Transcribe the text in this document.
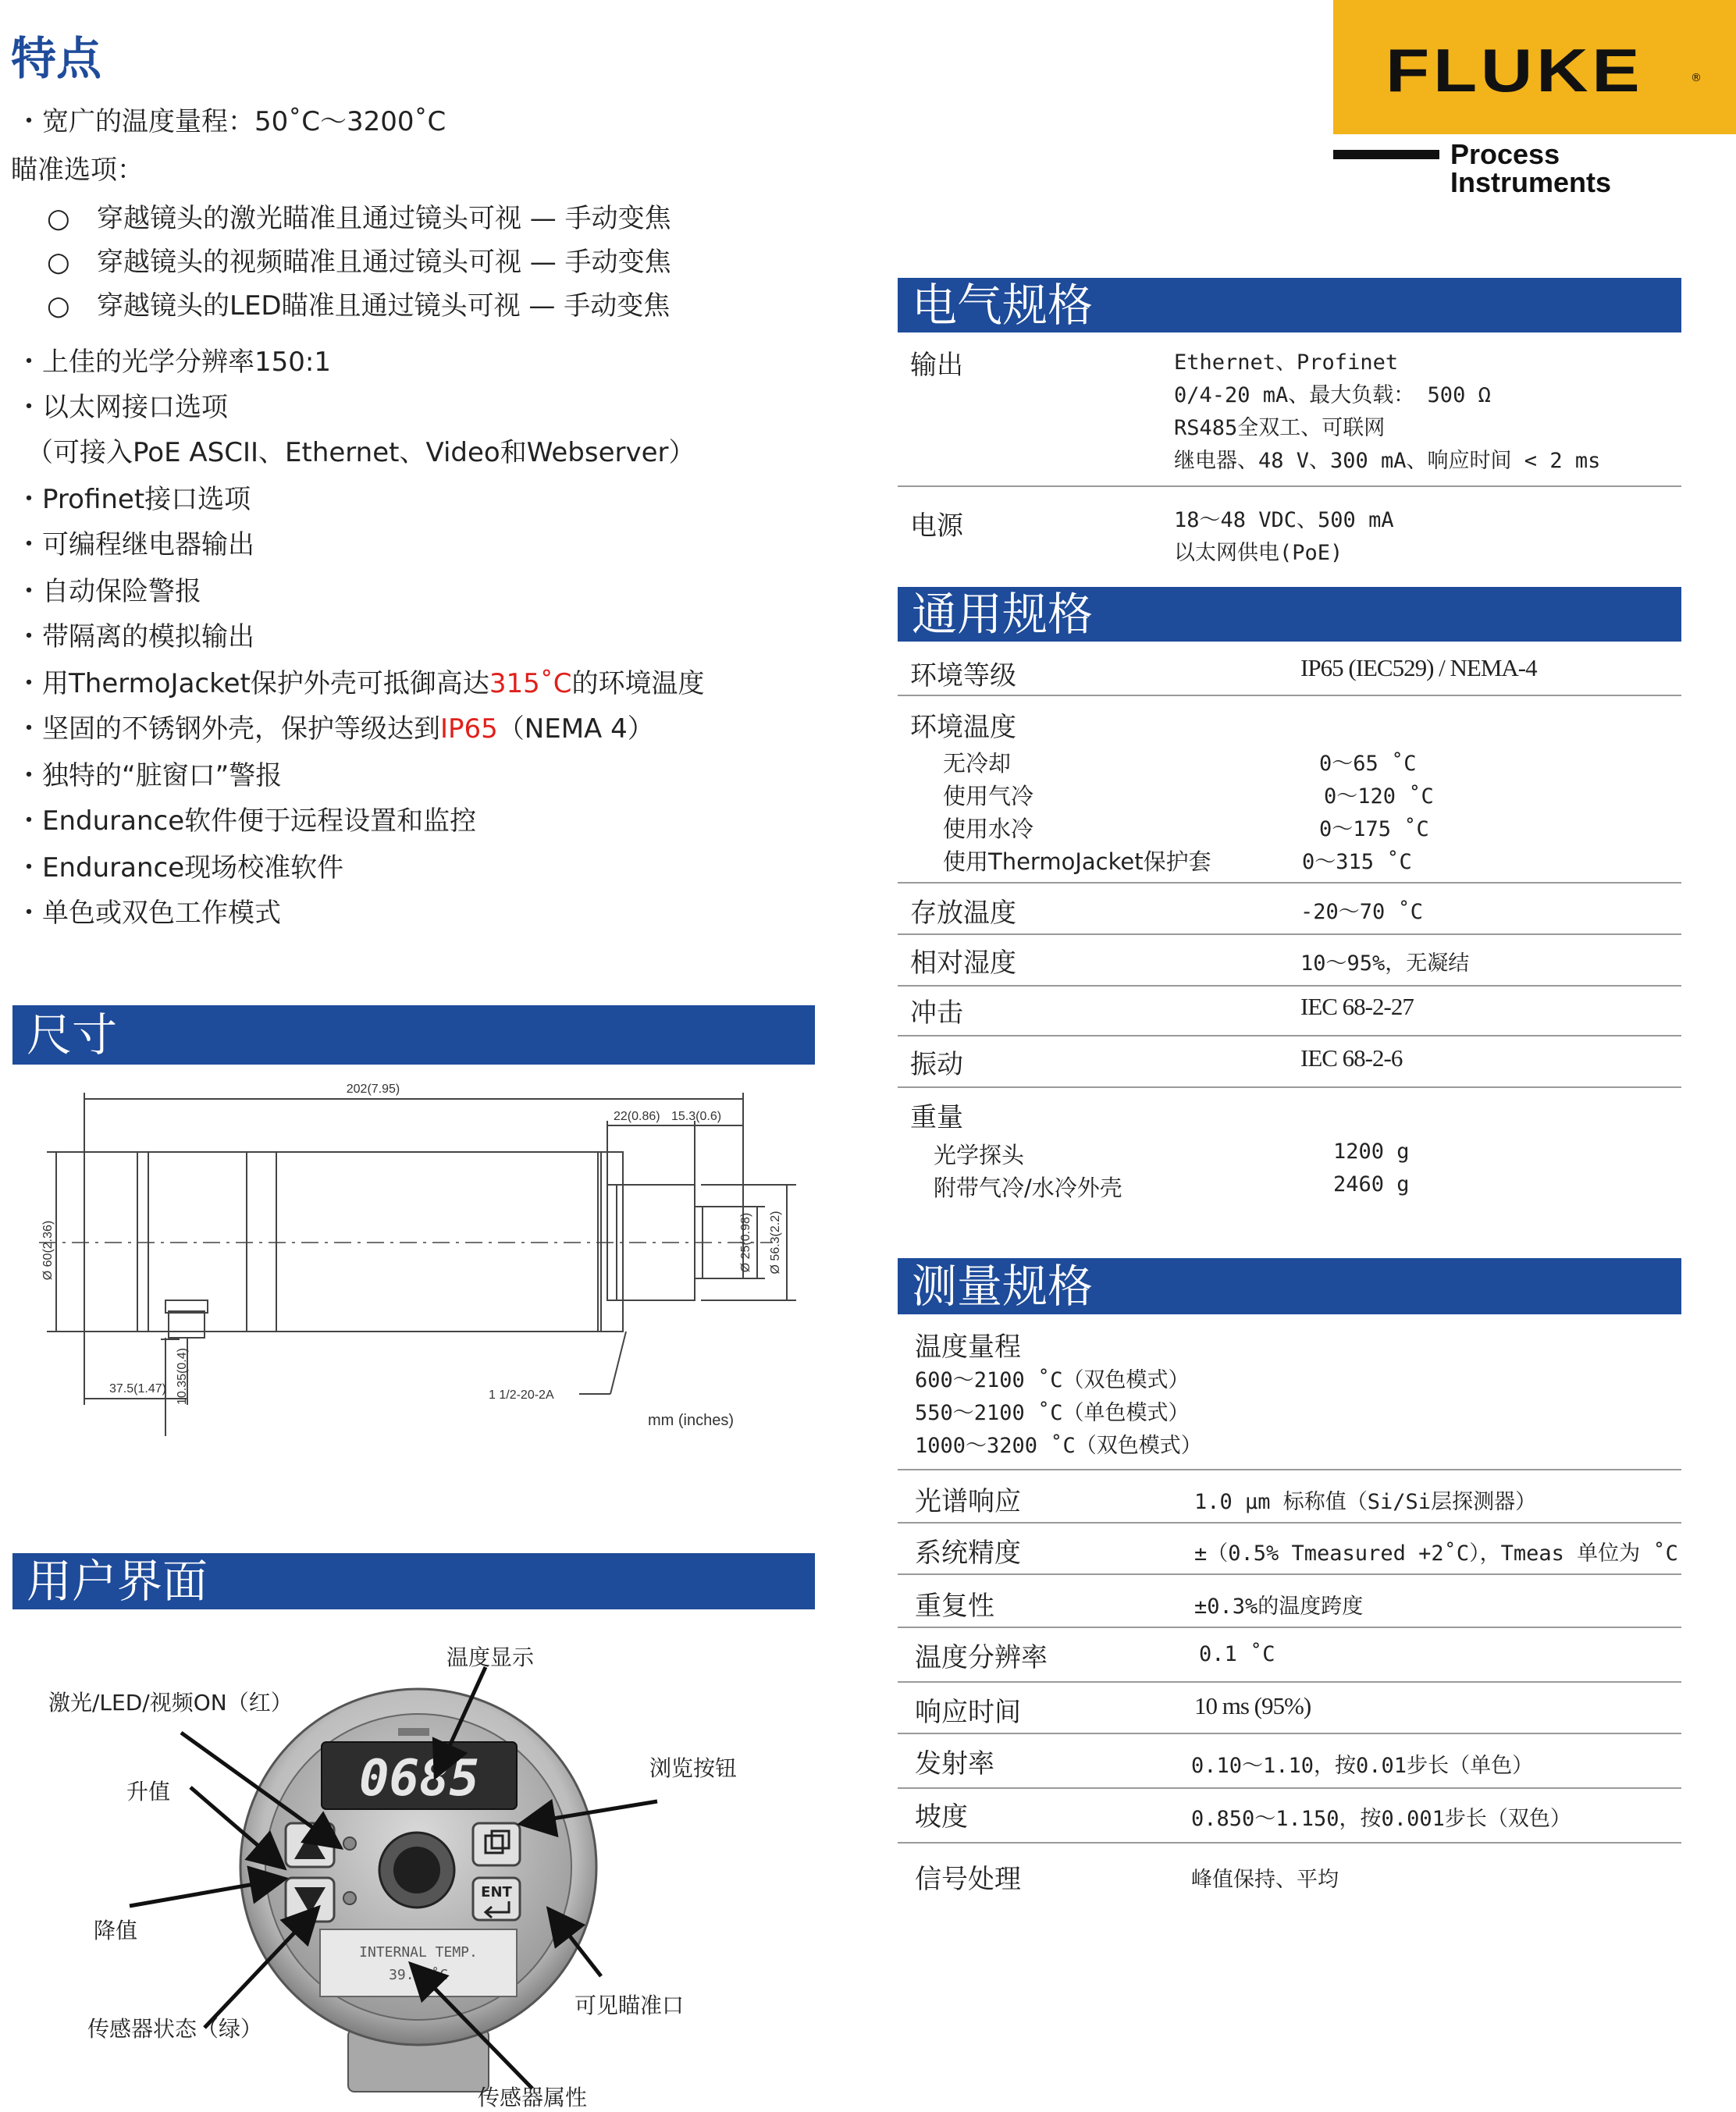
特点
・宽广的温度量程：50˚C～3200˚C
瞄准选项：
○ 穿越镜头的激光瞄准且通过镜头可视 — 手动变焦
○ 穿越镜头的视频瞄准且通过镜头可视 — 手动变焦
○ 穿越镜头的LED瞄准且通过镜头可视 — 手动变焦
・上佳的光学分辨率150:1
・以太网接口选项
（可接入PoE ASCII、Ethernet、Video和Webserver）
・Profinet接口选项
・可编程继电器输出
・自动保险警报
・带隔离的模拟输出
・用ThermoJacket保护外壳可抵御高达315˚C的环境温度
・坚固的不锈钢外壳，保护等级达到IP65（NEMA 4）
・独特的“脏窗口”警报
・Endurance软件便于远程设置和监控
・Endurance现场校准软件
・单色或双色工作模式
FLUKE	®
Process
Instruments
电气规格
输出	Ethernet、Profinet
0/4-20 mA、最大负载： 500 Ω
RS485全双工、可联网
继电器、48 V、300 mA、响应时间 < 2 ms
电源	18～48 VDC、500 mA
以太网供电(PoE)
通用规格
环境等级	IP65 (IEC529) / NEMA-4
环境温度
无冷却	0～65 ˚C
使用气冷	0～120 ˚C
使用水冷	0～175 ˚C
使用ThermoJacket保护套	0～315 ˚C
存放温度	-20～70 ˚C
相对湿度	10～95%，无凝结
冲击	IEC 68-2-27
振动	IEC 68-2-6
重量
光学探头	1200 g
附带气冷/水冷外壳	2460 g
测量规格
温度量程
600～2100 ˚C（双色模式）
550～2100 ˚C（单色模式）
1000～3200 ˚C（双色模式）
光谱响应	1.0 μm 标称值（Si/Si层探测器）
系统精度	±（0.5% Tmeasured +2˚C），Tmeas 单位为 ˚C
重复性	±0.3%的温度跨度
温度分辨率	0.1 ˚C
响应时间	10 ms (95%)
发射率	0.10～1.10，按0.01步长（单色）
坡度	0.850～1.150，按0.001步长（双色）
信号处理	峰值保持、平均
尺寸
202(7.95)
22(0.86) 15.3(0.6)
Ø 60(2.36)	Ø 25(0.98) Ø 56.3(2.2)
37.5(1.47) 10.35(0.4)	1 1/2-20-2A
mm (inches)
用户界面
0685
ENT
INTERNAL TEMP.
39.2 ˚C
温度显示
激光/LED/视频ON（红）
升值
浏览按钮
降值
传感器状态（绿）
可见瞄准口
传感器属性
